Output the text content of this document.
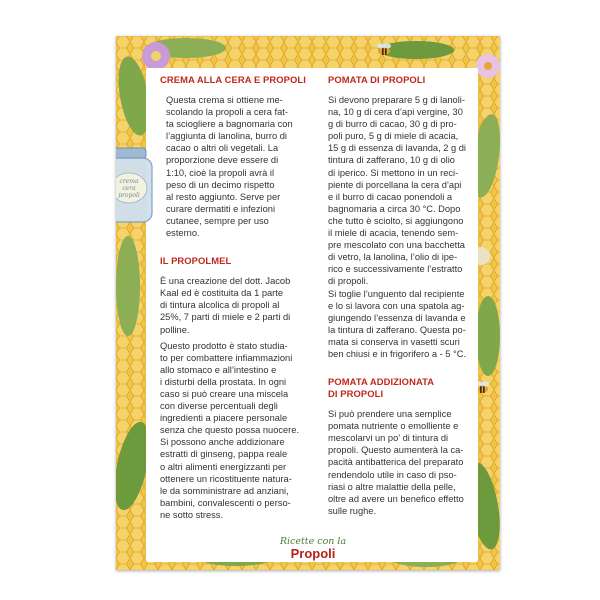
CREMA ALLA CERA E PROPOLI

Questa crema si ottiene me-
scolando la propoli a cera fat-
ta sciogliere a bagnomaria con
l’aggiunta di lanolina, burro di
cacao o altri oli vegetali. La
proporzione deve essere di
1:10, cioè la propoli avrà il
peso di un decimo rispetto
al resto aggiunto. Serve per
curare dermatiti e infezioni
cutanee, sempre per uso
esterno.

IL PROPOLMEL

È una creazione del dott. Jacob
Kaal ed è costituita da 1 parte
di tintura alcolica di propoli al
25%, 7 parti di miele e 2 parti di
polline.

Questo prodotto è stato studia-
to per combattere infiammazioni
allo stomaco e all’intestino e
i disturbi della prostata. In ogni
caso si può creare una miscela
con diverse percentuali degli
ingredienti a piacere personale
senza che questo possa nuocere.
Si possono anche addizionare
estratti di ginseng, pappa reale
o altri alimenti energizzanti per
ottenere un ricostituente natura-
le da somministrare ad anziani,
bambini, convalescenti o perso-
ne sotto stress.

POMATA DI PROPOLI

Si devono preparare 5 g di lanoli-
na, 10 g di cera d’api vergine, 30
g di burro di cacao, 30 g di pro-
poli puro, 5 g di miele di acacia,
15 g di essenza di lavanda, 2 g di
tintura di zafferano, 10 g di olio
di iperico. Si mettono in un reci-
piente di porcellana la cera d’api
e il burro di cacao ponendoli a
bagnomaria a circa 30 °C. Dopo
che tutto è sciolto, si aggiungono
il miele di acacia, tenendo sem-
pre mescolato con una bacchetta
di vetro, la lanolina, l’olio di ipe-
rico e successivamente l’estratto
di propoli.

Si toglie l’unguento dal recipiente
e lo si lavora con una spatola ag-
giungendo l’essenza di lavanda e
la tintura di zafferano. Questa po-
mata si conserva in vasetti scuri
ben chiusi e in frigorifero a - 5 °C.

POMATA ADDIZIONATA
DI PROPOLI

Si può prendere una semplice
pomata nutriente o emolliente e
mescolarvi un po’ di tintura di
propoli. Questo aumenterà la ca-
pacità antibatterica del preparato
rendendolo utile in caso di pso-
riasi o altre malattie della pelle,
oltre ad avere un benefico effetto
sulle rughe.

crema
cera
propoli
Ricette con la
Propoli
